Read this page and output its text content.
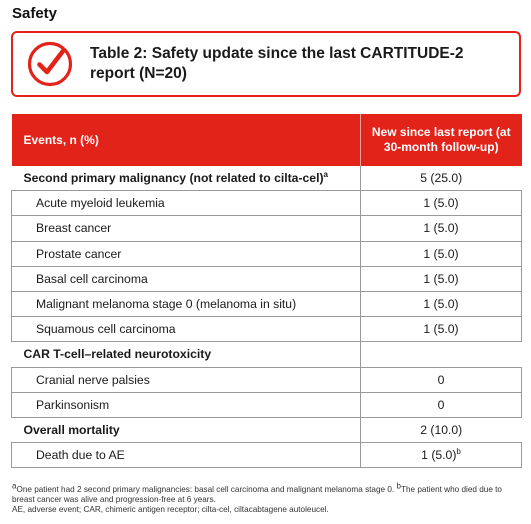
Safety
Table 2: Safety update since the last CARTITUDE-2 report (N=20)
Events, n (%)	New since last report (at 30-month follow-up)
Second primary malignancy (not related to cilta-cel)$^a$	5 (25.0)
Acute myeloid leukemia	1 (5.0)
Breast cancer	1 (5.0)
Prostate cancer	1 (5.0)
Basal cell carcinoma	1 (5.0)
Malignant melanoma stage 0 (melanoma in situ)	1 (5.0)
Squamous cell carcinoma	1 (5.0)
CAR T-cell–related neurotoxicity	
Cranial nerve palsies	0
Parkinsonism	0
Overall mortality	2 (10.0)
Death due to AE	1 $(5.0)^b$

$^a$One patient had 2 second primary malignancies: basal cell carcinoma and malignant melanoma stage 0. $^b$The patient who died due to breast cancer was alive and progression-free at 6 years.

AE, adverse event; CAR, chimeric antigen receptor; cilta-cel, ciltacabtagene autoleucel.
